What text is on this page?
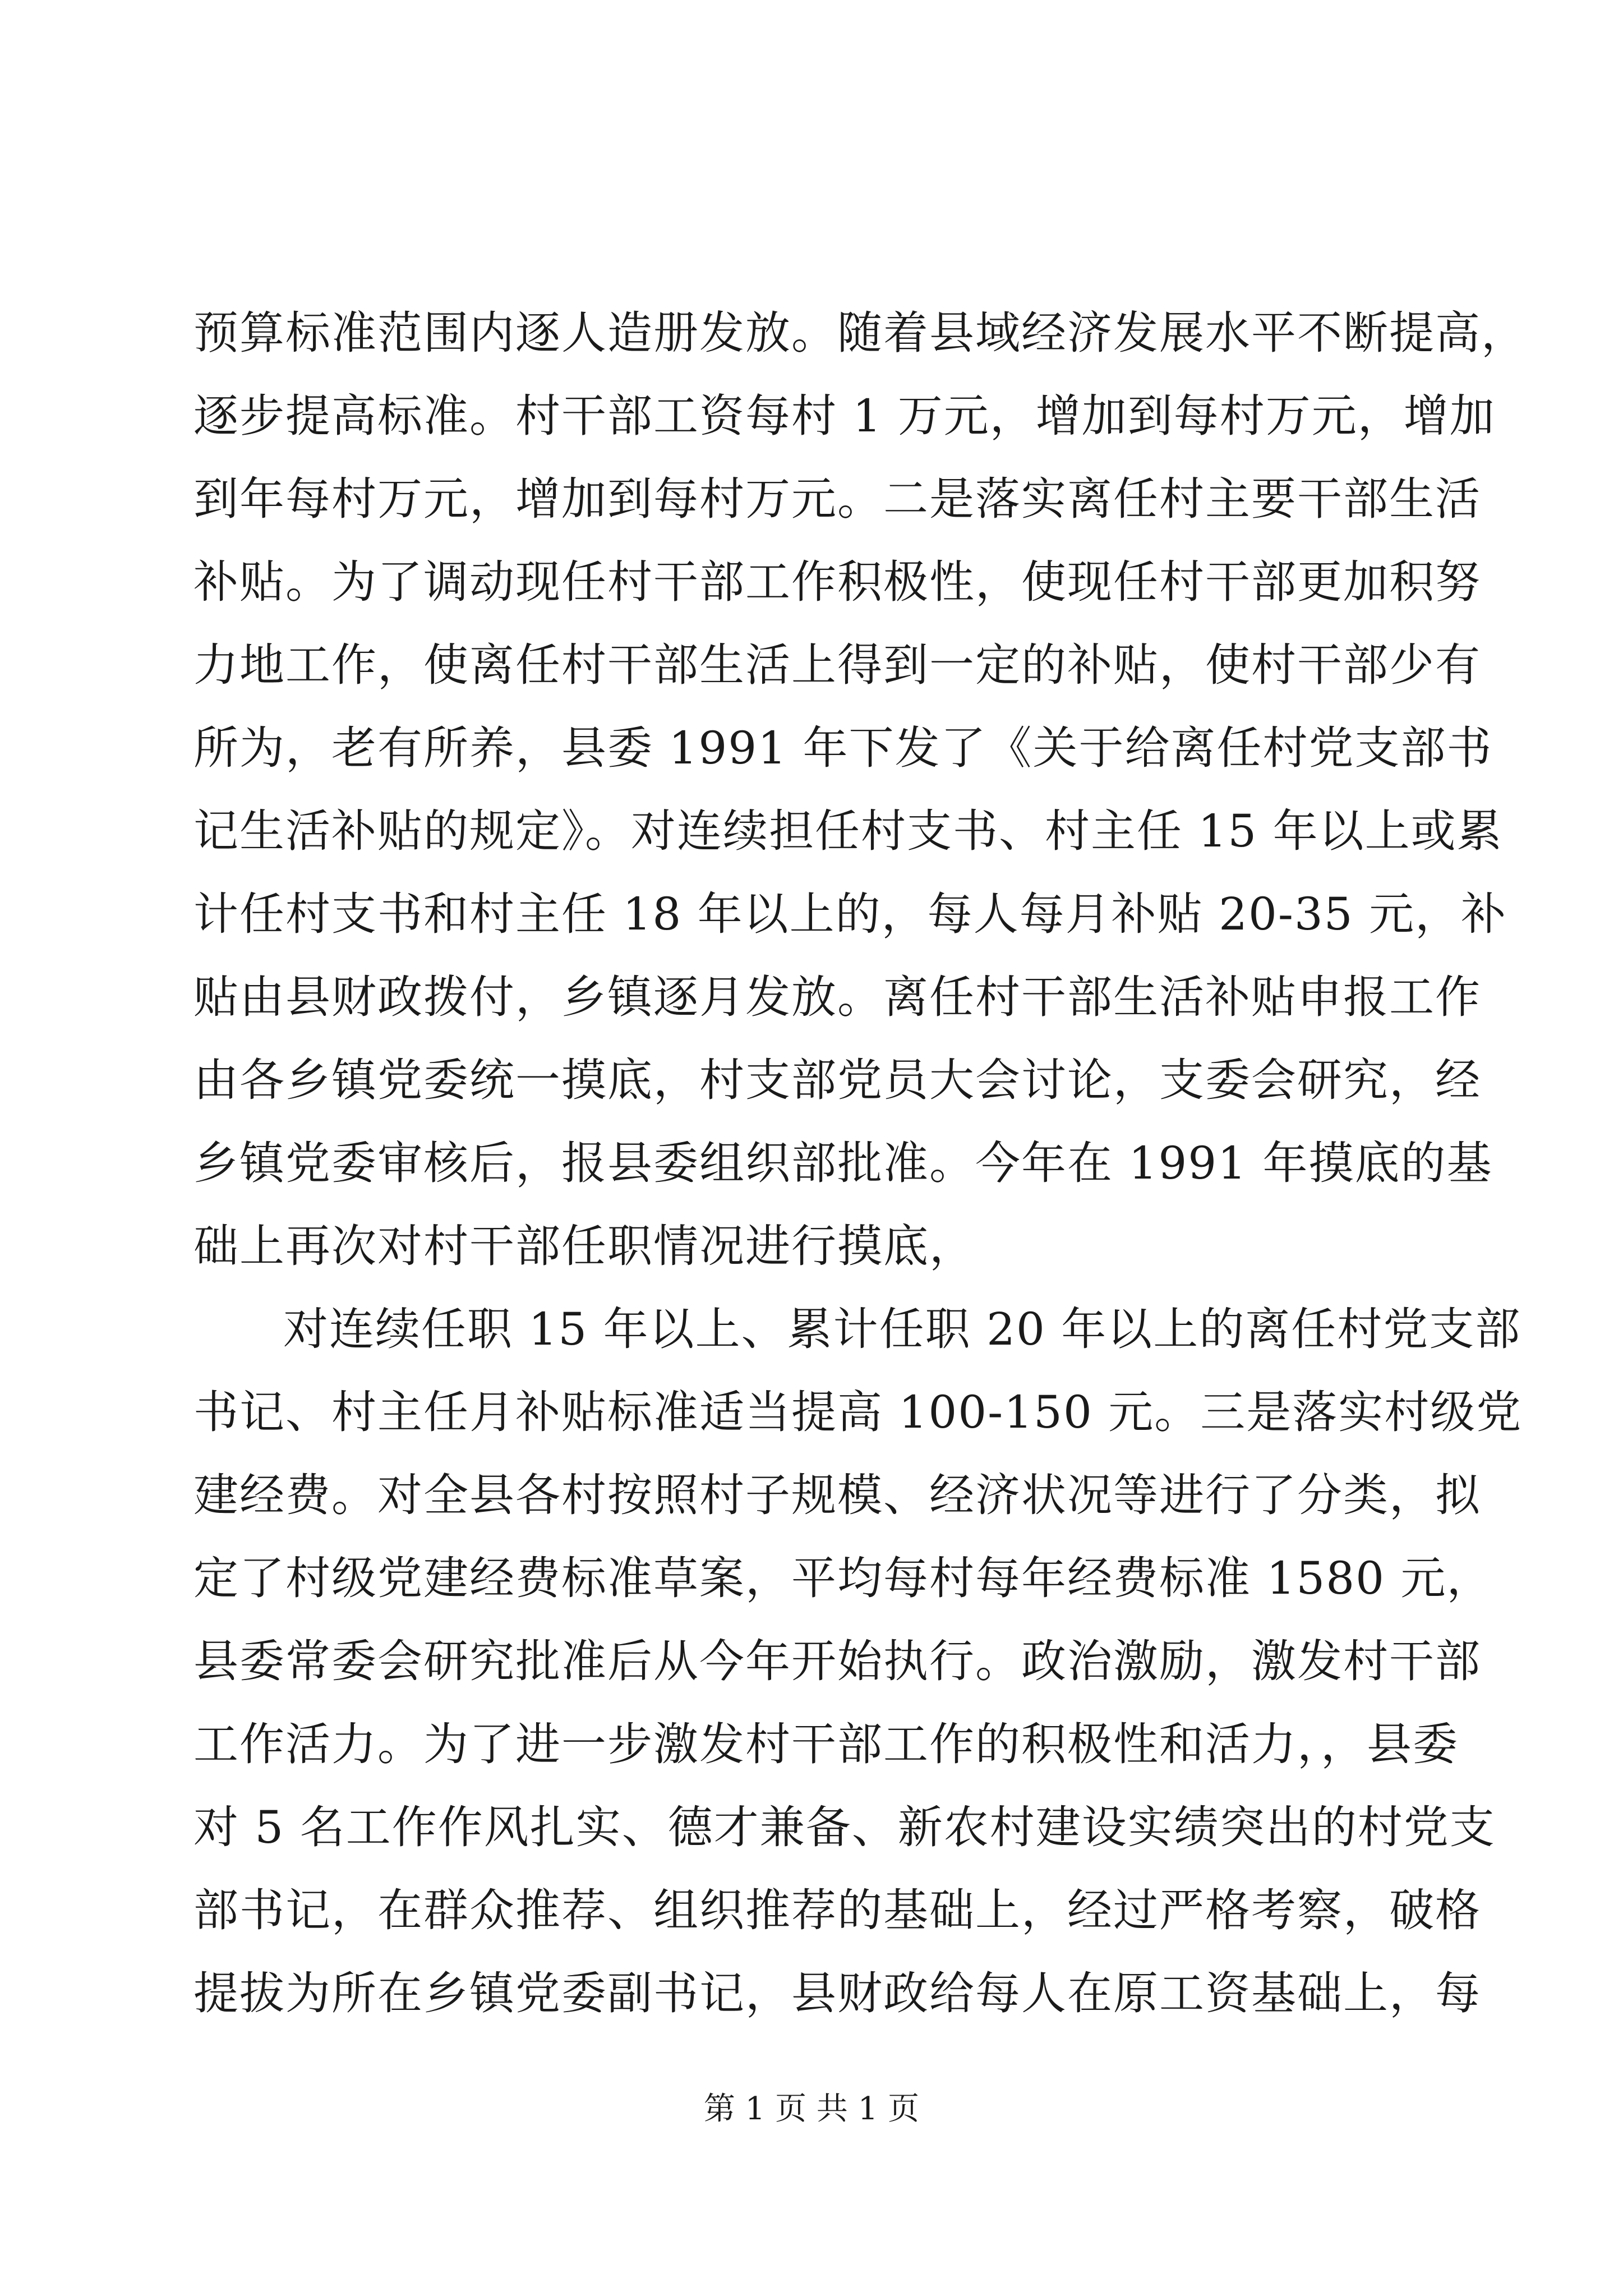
预算标准范围内逐人造册发放。随着县域经济发展水平不断提高，
逐步提高标准。村干部工资每村 1 万元，增加到每村万元，增加
到年每村万元，增加到每村万元。二是落实离任村主要干部生活
补贴。为了调动现任村干部工作积极性，使现任村干部更加积努
力地工作，使离任村干部生活上得到一定的补贴，使村干部少有
所为，老有所养，县委 1991 年下发了《关于给离任村党支部书
记生活补贴的规定》。对连续担任村支书、村主任 15 年以上或累
计任村支书和村主任 18 年以上的，每人每月补贴 20-35 元，补
贴由县财政拨付，乡镇逐月发放。离任村干部生活补贴申报工作
由各乡镇党委统一摸底，村支部党员大会讨论，支委会研究，经
乡镇党委审核后，报县委组织部批准。今年在 1991 年摸底的基
础上再次对村干部任职情况进行摸底，
对连续任职 15 年以上、累计任职 20 年以上的离任村党支部
书记、村主任月补贴标准适当提高 100-150 元。三是落实村级党
建经费。对全县各村按照村子规模、经济状况等进行了分类，拟
定了村级党建经费标准草案，平均每村每年经费标准 1580 元，
县委常委会研究批准后从今年开始执行。政治激励，激发村干部
工作活力。为了进一步激发村干部工作的积极性和活力，，县委
对 5 名工作作风扎实、德才兼备、新农村建设实绩突出的村党支
部书记，在群众推荐、组织推荐的基础上，经过严格考察，破格
提拔为所在乡镇党委副书记，县财政给每人在原工资基础上，每
第 1 页 共 1 页
